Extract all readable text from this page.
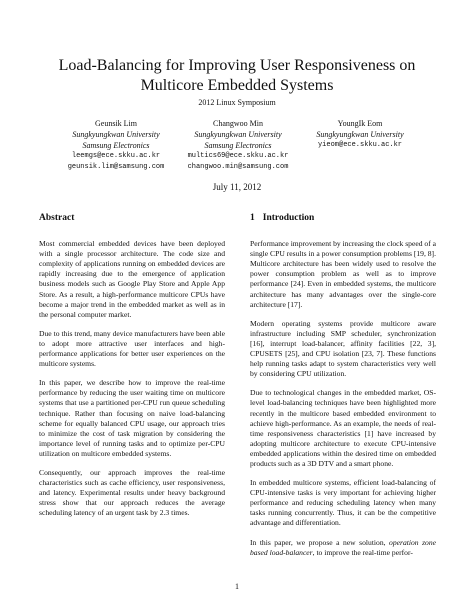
Load-Balancing for Improving User Responsiveness on Multicore Embedded Systems
2012 Linux Symposium
Geunsik Lim
Sungkyungkwan University
Samsung Electronics
leemgs@ece.skku.ac.kr
geunsik.lim@samsung.com
Changwoo Min
Sungkyungkwan University
Samsung Electronics
multics69@ece.skku.ac.kr
changwoo.min@samsung.com
YoungIk Eom
Sungkyungkwan University
yieom@ece.skku.ac.kr
July 11, 2012
Abstract

Most commercial embedded devices have been deployed with a single processor architecture. The code size and complexity of applications running on embedded devices are rapidly increasing due to the emergence of application business models such as Google Play Store and Apple App Store. As a result, a high-performance multicore CPUs have become a major trend in the embedded market as well as in the personal computer market.

Due to this trend, many device manufacturers have been able to adopt more attractive user interfaces and high-performance applications for better user experiences on the multicore systems.

In this paper, we describe how to improve the real-time performance by reducing the user waiting time on multicore systems that use a partitioned per-CPU run queue scheduling technique. Rather than focusing on naive load-balancing scheme for equally balanced CPU usage, our approach tries to minimize the cost of task migration by considering the importance level of running tasks and to optimize per-CPU utilization on multicore embedded systems.

Consequently, our approach improves the real-time characteristics such as cache efficiency, user responsiveness, and latency. Experimental results under heavy background stress show that our approach reduces the average scheduling latency of an urgent task by 2.3 times.

1 Introduction

Performance improvement by increasing the clock speed of a single CPU results in a power consumption problems [19, 8]. Multicore architecture has been widely used to resolve the power consumption problem as well as to improve performance [24]. Even in embedded systems, the multicore architecture has many advantages over the single-core architecture [17].

Modern operating systems provide multicore aware infrastructure including SMP scheduler, synchronization [16], interrupt load-balancer, affinity facilities [22, 3], CPUSETS [25], and CPU isolation [23, 7]. These functions help running tasks adapt to system characteristics very well by considering CPU utilization.

Due to technological changes in the embedded market, OS-level load-balancing techniques have been highlighted more recently in the multicore based embedded environment to achieve high-performance. As an example, the needs of real-time responsiveness characteristics [1] have increased by adopting multicore architecture to execute CPU-intensive embedded applications within the desired time on embedded products such as a 3D DTV and a smart phone.

In embedded multicore systems, efficient load-balancing of CPU-intensive tasks is very important for achieving higher performance and reducing scheduling latency when many tasks running concurrently. Thus, it can be the competitive advantage and differentiation.

In this paper, we propose a new solution, operation zone based load-balancer, to improve the real-time perfor-

1
